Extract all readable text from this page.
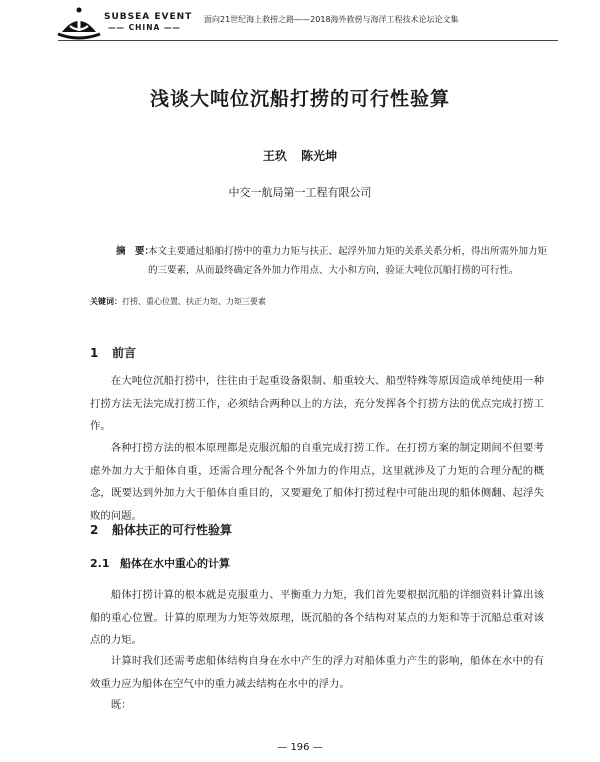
SUBSEA EVENT
—— CHINA ——
面向21世纪海上救捞之路——2018海外救捞与海洋工程技术论坛论文集
浅谈大吨位沉船打捞的可行性验算
王玖 陈光坤
中交一航局第一工程有限公司
摘　要：
本文主要通过船舶打捞中的重力力矩与扶正、起浮外加力矩的关系关系分析，得出所需外加力矩的三要素，从而最终确定各外加力作用点、大小和方向，验证大吨位沉船打捞的可行性。
关键词：打捞、重心位置、扶正力矩、力矩三要素
1 前言
在大吨位沉船打捞中，往往由于起重设备限制、船重较大、船型特殊等原因造成单纯使用一种打捞方法无法完成打捞工作，必须结合两种以上的方法，充分发挥各个打捞方法的优点完成打捞工作。
各种打捞方法的根本原理都是克服沉船的自重完成打捞工作。在打捞方案的制定期间不但要考虑外加力大于船体自重，还需合理分配各个外加力的作用点，这里就涉及了力矩的合理分配的概念，既要达到外加力大于船体自重目的，又要避免了船体打捞过程中可能出现的船体侧翻、起浮失败的问题。
2 船体扶正的可行性验算
2.1 船体在水中重心的计算
船体打捞计算的根本就是克服重力、平衡重力力矩，我们首先要根据沉船的详细资料计算出该船的重心位置。计算的原理为力矩等效原理，既沉船的各个结构对某点的力矩和等于沉船总重对该点的力矩。
计算时我们还需考虑船体结构自身在水中产生的浮力对船体重力产生的影响，船体在水中的有效重力应为船体在空气中的重力减去结构在水中的浮力。
既：
— 196 —
